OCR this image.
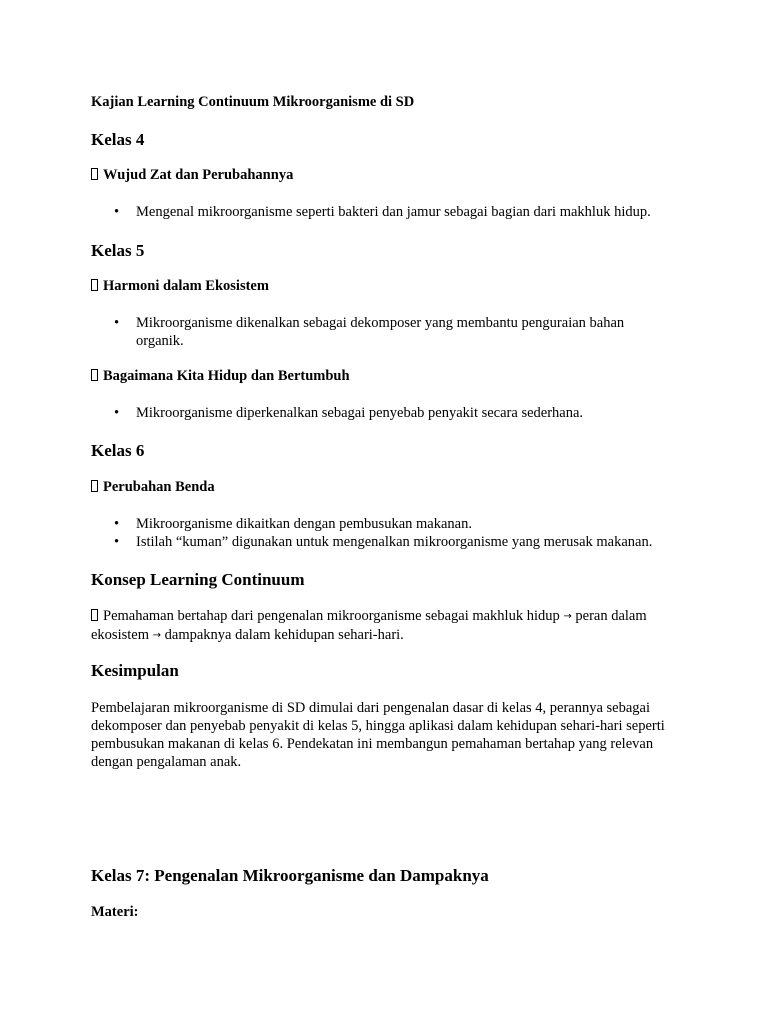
Kajian Learning Continuum Mikroorganisme di SD
Kelas 4
Wujud Zat dan Perubahannya
• Mengenal mikroorganisme seperti bakteri dan jamur sebagai bagian dari makhluk hidup.
Kelas 5
Harmoni dalam Ekosistem
• Mikroorganisme dikenalkan sebagai dekomposer yang membantu penguraian bahan organik.
Bagaimana Kita Hidup dan Bertumbuh
• Mikroorganisme diperkenalkan sebagai penyebab penyakit secara sederhana.
Kelas 6
Perubahan Benda
• Mikroorganisme dikaitkan dengan pembusukan makanan.
• Istilah “kuman” digunakan untuk mengenalkan mikroorganisme yang merusak makanan.
Konsep Learning Continuum
Pemahaman bertahap dari pengenalan mikroorganisme sebagai makhluk hidup → peran dalam ekosistem → dampaknya dalam kehidupan sehari-hari.
Kesimpulan
Pembelajaran mikroorganisme di SD dimulai dari pengenalan dasar di kelas 4, perannya sebagai dekomposer dan penyebab penyakit di kelas 5, hingga aplikasi dalam kehidupan sehari-hari seperti pembusukan makanan di kelas 6. Pendekatan ini membangun pemahaman bertahap yang relevan dengan pengalaman anak.
Kelas 7: Pengenalan Mikroorganisme dan Dampaknya
Materi:
